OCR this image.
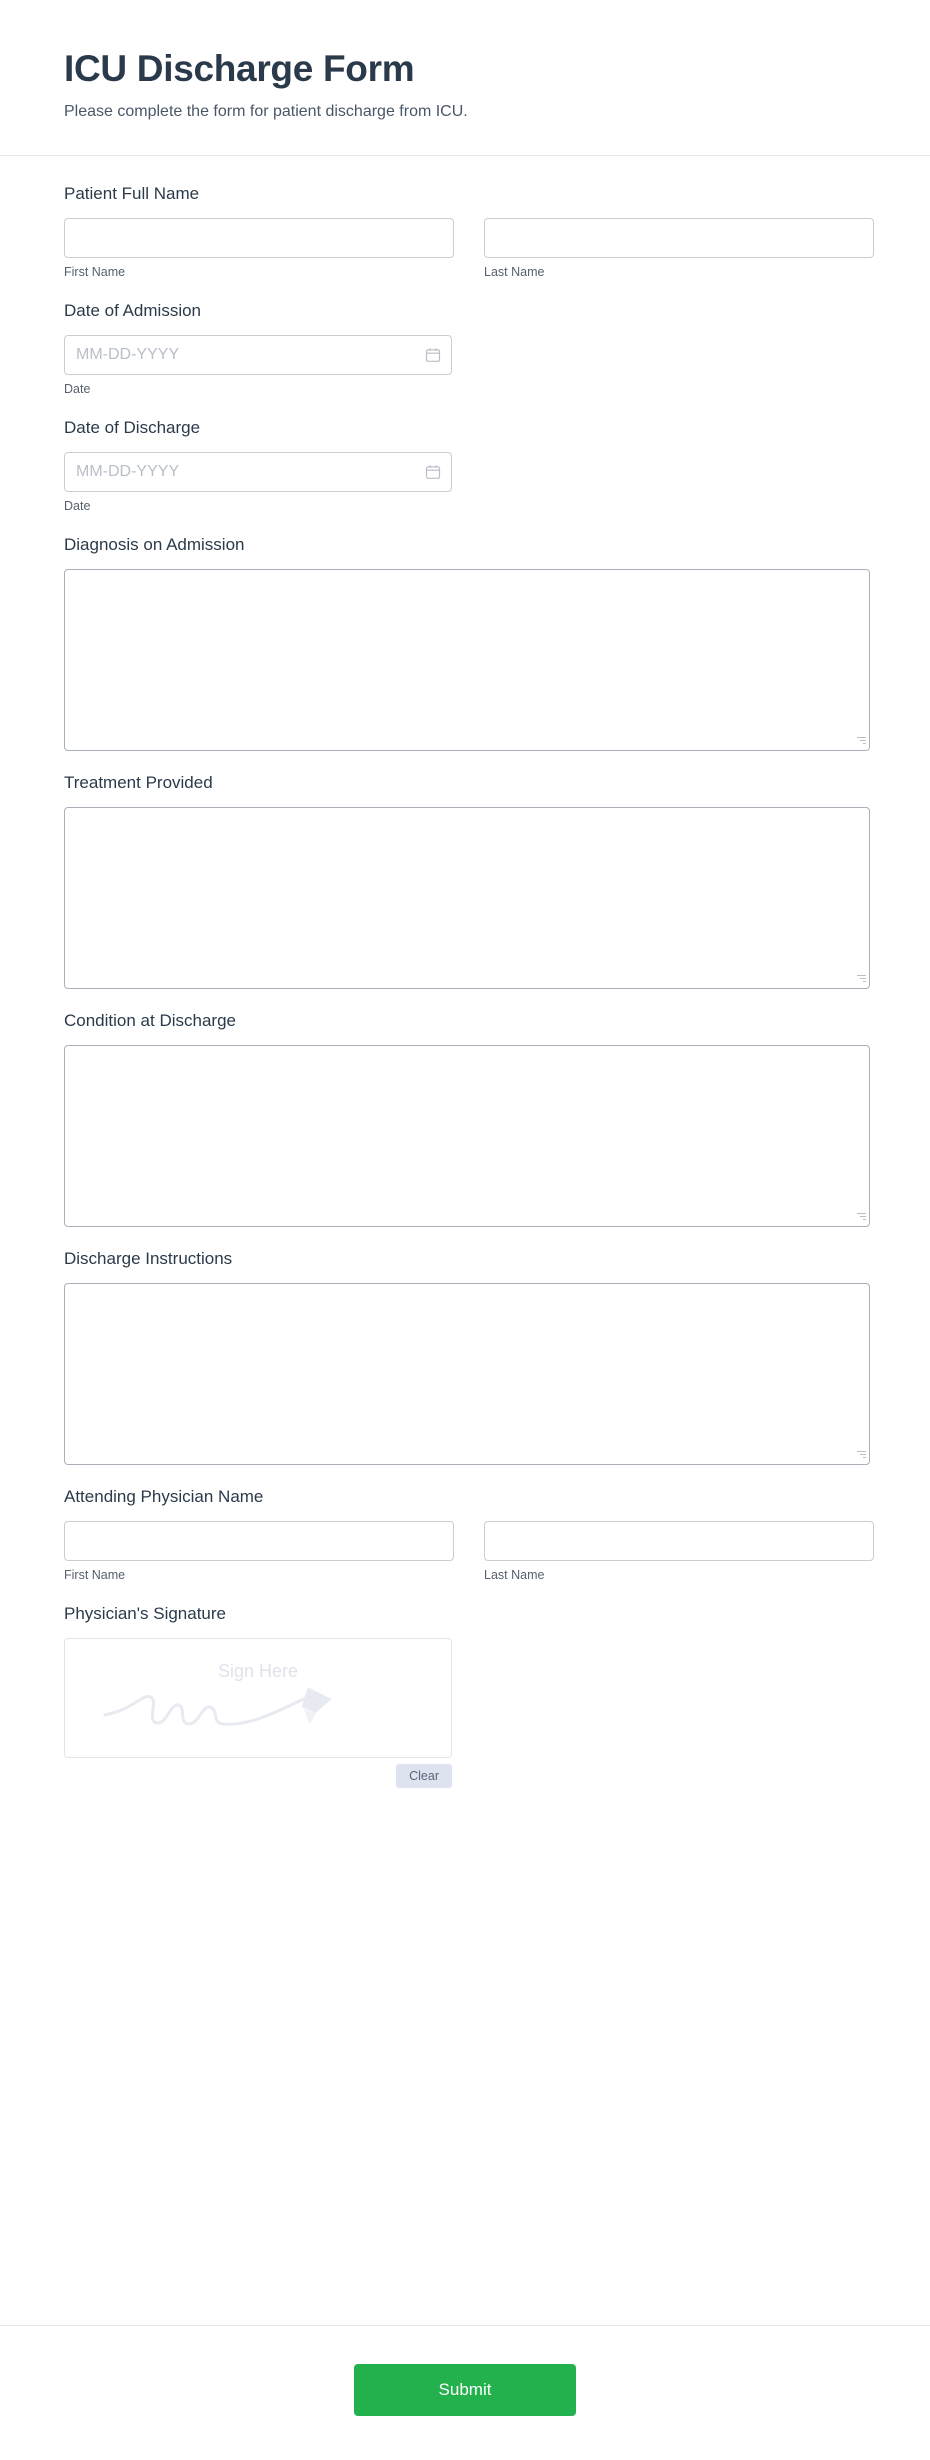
ICU Discharge Form

Please complete the form for patient discharge from ICU.

Patient Full Name
First Name	Last Name
Date of Admission
MM-DD-YYYY
Date
Date of Discharge
MM-DD-YYYY
Date
Diagnosis on Admission
Treatment Provided
Condition at Discharge
Discharge Instructions
Attending Physician Name
First Name	Last Name
Physician's Signature
Sign Here
Clear
Submit
